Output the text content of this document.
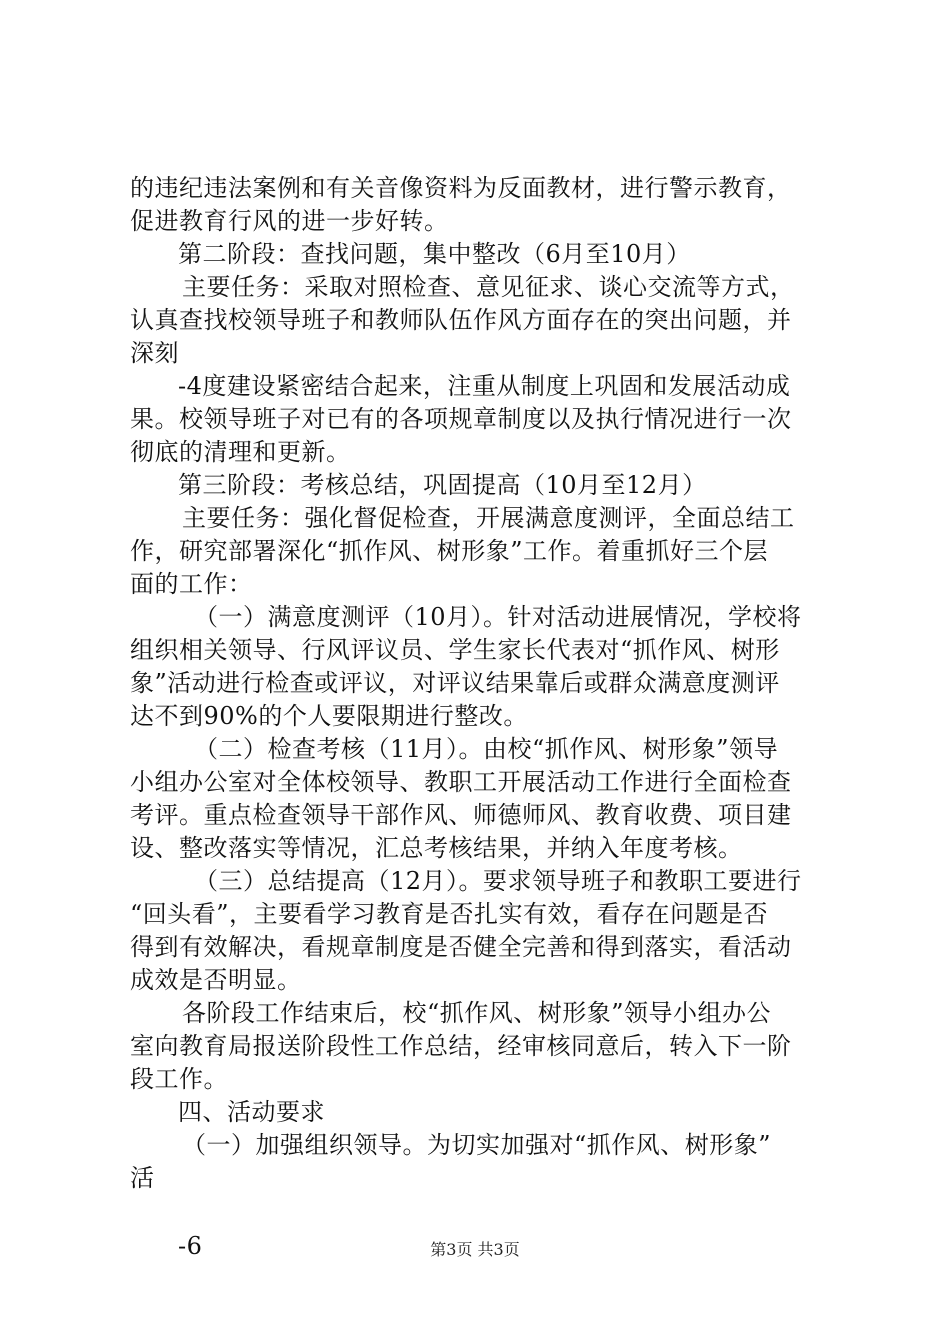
的违纪违法案例和有关音像资料为反面教材，进行警示教育，
促进教育行风的进一步好转。
第二阶段：查找问题，集中整改（6月至10月）
主要任务：采取对照检查、意见征求、谈心交流等方式，
认真查找校领导班子和教师队伍作风方面存在的突出问题，并
深刻
-4度建设紧密结合起来，注重从制度上巩固和发展活动成
果。校领导班子对已有的各项规章制度以及执行情况进行一次
彻底的清理和更新。
第三阶段：考核总结，巩固提高（10月至12月）
主要任务：强化督促检查，开展满意度测评，全面总结工
作，研究部署深化“抓作风、树形象”工作。着重抓好三个层
面的工作：
（一）满意度测评（10月）。针对活动进展情况，学校将
组织相关领导、行风评议员、学生家长代表对“抓作风、树形
象”活动进行检查或评议，对评议结果靠后或群众满意度测评
达不到90%的个人要限期进行整改。
（二）检查考核（11月）。由校“抓作风、树形象”领导
小组办公室对全体校领导、教职工开展活动工作进行全面检查
考评。重点检查领导干部作风、师德师风、教育收费、项目建
设、整改落实等情况，汇总考核结果，并纳入年度考核。
（三）总结提高（12月）。要求领导班子和教职工要进行
“回头看”，主要看学习教育是否扎实有效，看存在问题是否
得到有效解决，看规章制度是否健全完善和得到落实，看活动
成效是否明显。
各阶段工作结束后，校“抓作风、树形象”领导小组办公
室向教育局报送阶段性工作总结，经审核同意后，转入下一阶
段工作。
四、活动要求
（一）加强组织领导。为切实加强对“抓作风、树形象”
活
-6	第3页 共3页
